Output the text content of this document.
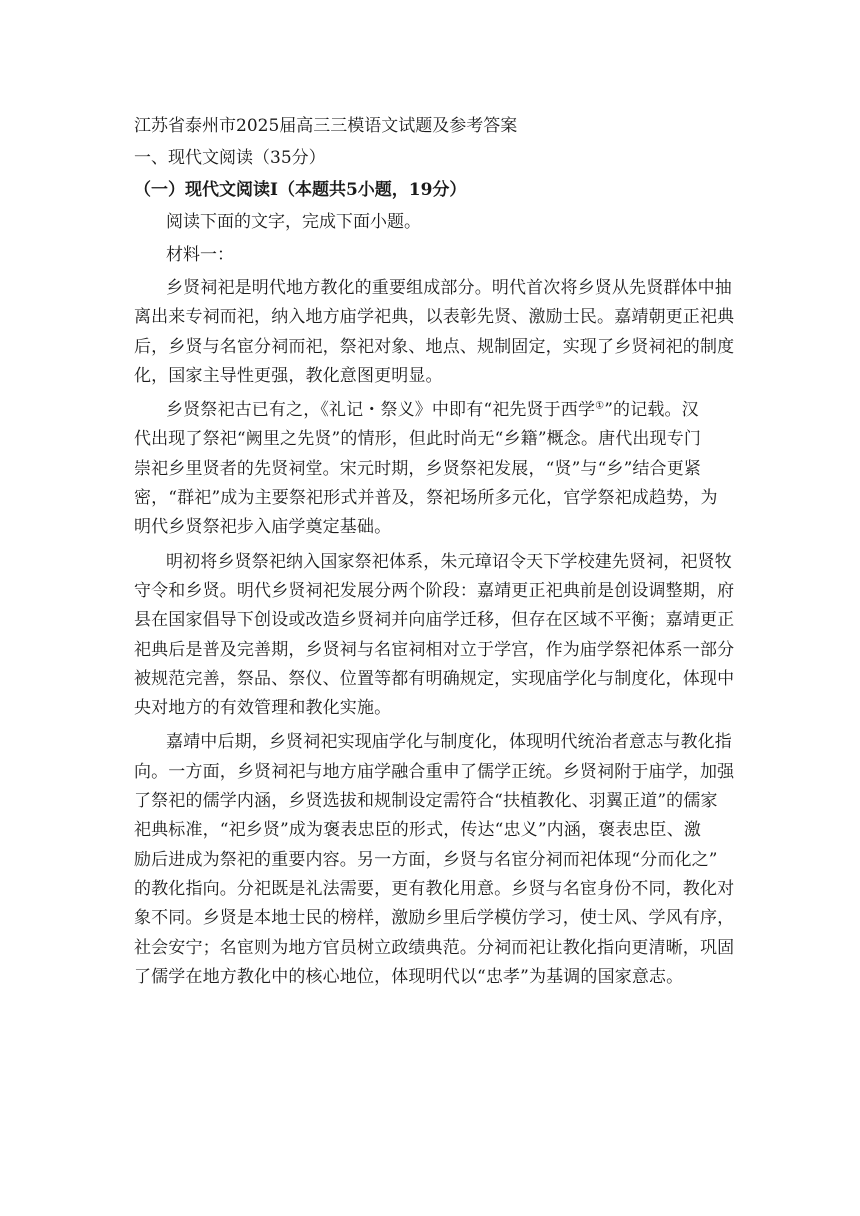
江苏省泰州市2025届高三三模语文试题及参考答案
一、现代文阅读（35分）
（一）现代文阅读Ⅰ（本题共5小题，19分）
阅读下面的文字，完成下面小题。
材料一：
乡贤祠祀是明代地方教化的重要组成部分。明代首次将乡贤从先贤群体中抽
离出来专祠而祀，纳入地方庙学祀典，以表彰先贤、激励士民。嘉靖朝更正祀典
后，乡贤与名宦分祠而祀，祭祀对象、地点、规制固定，实现了乡贤祠祀的制度
化，国家主导性更强，教化意图更明显。
乡贤祭祀古已有之，《礼记・祭义》中即有“祀先贤于西学①”的记载。汉
代出现了祭祀“阙里之先贤”的情形，但此时尚无“乡籍”概念。唐代出现专门
崇祀乡里贤者的先贤祠堂。宋元时期，乡贤祭祀发展，“贤”与“乡”结合更紧
密，“群祀”成为主要祭祀形式并普及，祭祀场所多元化，官学祭祀成趋势，为
明代乡贤祭祀步入庙学奠定基础。
明初将乡贤祭祀纳入国家祭祀体系，朱元璋诏令天下学校建先贤祠，祀贤牧
守令和乡贤。明代乡贤祠祀发展分两个阶段：嘉靖更正祀典前是创设调整期，府
县在国家倡导下创设或改造乡贤祠并向庙学迁移，但存在区域不平衡；嘉靖更正
祀典后是普及完善期，乡贤祠与名宦祠相对立于学宫，作为庙学祭祀体系一部分
被规范完善，祭品、祭仪、位置等都有明确规定，实现庙学化与制度化，体现中
央对地方的有效管理和教化实施。
嘉靖中后期，乡贤祠祀实现庙学化与制度化，体现明代统治者意志与教化指
向。一方面，乡贤祠祀与地方庙学融合重申了儒学正统。乡贤祠附于庙学，加强
了祭祀的儒学内涵，乡贤选拔和规制设定需符合“扶植教化、羽翼正道”的儒家
祀典标准，“祀乡贤”成为褒表忠臣的形式，传达“忠义”内涵，褒表忠臣、激
励后进成为祭祀的重要内容。另一方面，乡贤与名宦分祠而祀体现“分而化之”
的教化指向。分祀既是礼法需要，更有教化用意。乡贤与名宦身份不同，教化对
象不同。乡贤是本地士民的榜样，激励乡里后学模仿学习，使士风、学风有序，
社会安宁；名宦则为地方官员树立政绩典范。分祠而祀让教化指向更清晰，巩固
了儒学在地方教化中的核心地位，体现明代以“忠孝”为基调的国家意志。
